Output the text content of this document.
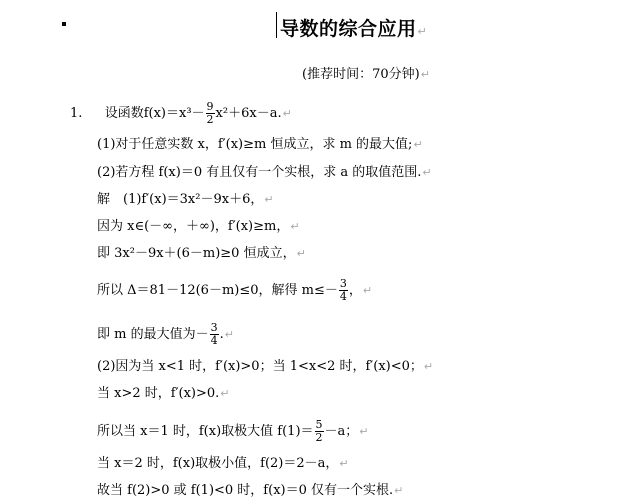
导数的综合应用↵
(推荐时间：70分钟)↵
1. 设函数$f(x)=x^3- \frac{9}{2}$ x²＋6x－a.↵
(1)对于任意实数 x，f′(x)≥m 恒成立，求 m 的最大值;↵
(2)若方程 f(x)＝0 有且仅有一个实根，求 a 的取值范围.↵
解　(1)f′(x)＝3x²－9x＋6，↵
因为 x∈(－∞，＋∞)，f′(x)≥m，↵
即 3x²－9x＋(6－m)≥0 恒成立，↵
所以 Δ＝81－12(6－m)≤0，解得 $m\le- \frac{3}{4}$ ，↵
即 m 的最大值为－ $\frac{3}{4}$ .↵
(2)因为当 x<1 时，f′(x)>0；当 1<x<2 时，f′(x)<0；↵
当 x>2 时，f′(x)>0.↵
所以当 x＝1 时，f(x)取极大值 $f(1)= \frac{5}{2} -a$；↵
当 x＝2 时，f(x)取极小值，f(2)＝2－a，↵
故当 f(2)>0 或 f(1)<0 时，f(x)＝0 仅有一个实根.↵
